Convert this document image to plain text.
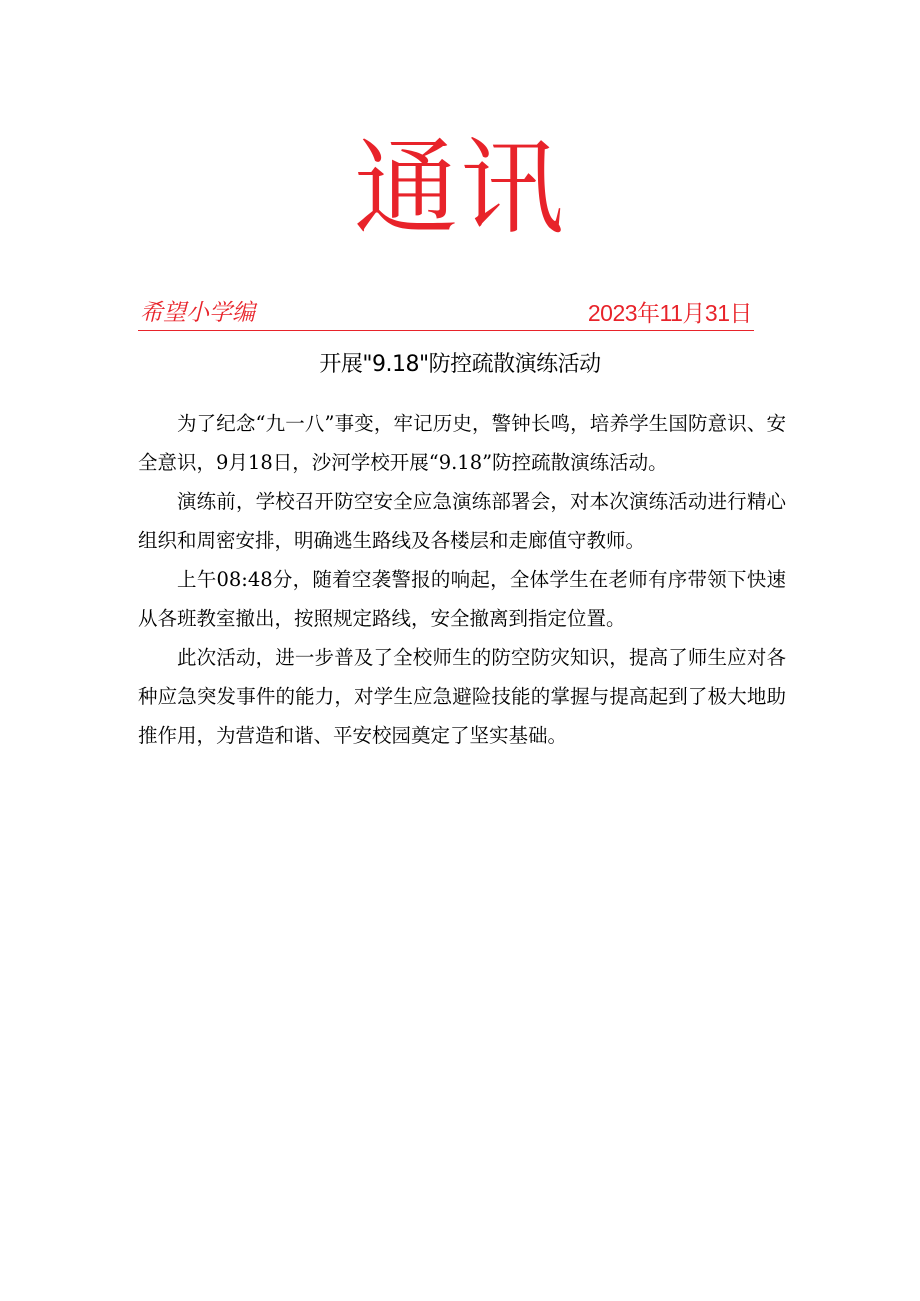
通讯
希望小学编	2023年11月31日
开展"9.18"防控疏散演练活动

为了纪念“九一八”事变，牢记历史，警钟长鸣，培养学生国防意识、安全意识，9月18日，沙河学校开展“9.18”防控疏散演练活动。

演练前，学校召开防空安全应急演练部署会，对本次演练活动进行精心组织和周密安排，明确逃生路线及各楼层和走廊值守教师。

上午08:48分，随着空袭警报的响起，全体学生在老师有序带领下快速从各班教室撤出，按照规定路线，安全撤离到指定位置。

此次活动，进一步普及了全校师生的防空防灾知识，提高了师生应对各种应急突发事件的能力，对学生应急避险技能的掌握与提高起到了极大地助推作用，为营造和谐、平安校园奠定了坚实基础。
